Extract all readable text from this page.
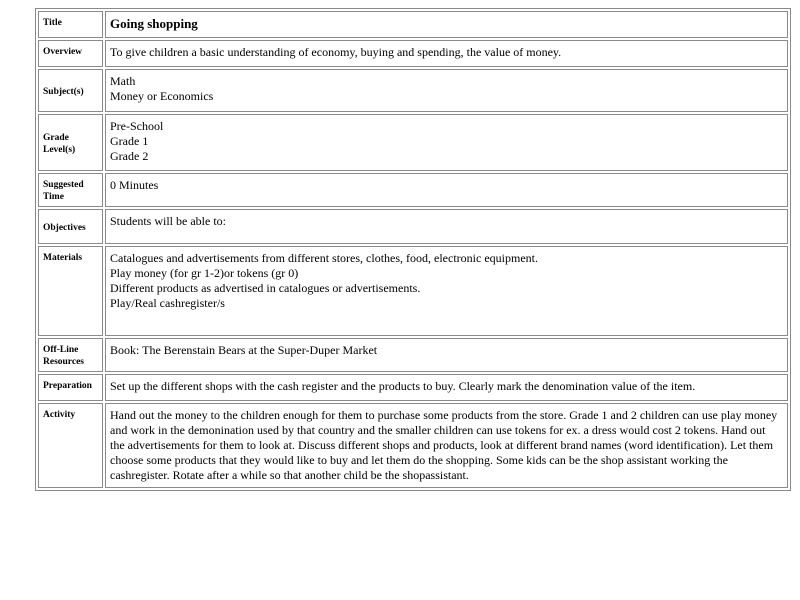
Title	Going shopping
Overview	To give children a basic understanding of economy, buying and spending, the value of money.
Subject(s)	Math
Money or Economics

Grade Level(s)	Pre-School
Grade 1
Grade 2

Suggested Time	0 Minutes
Objectives	Students will be able to:
Materials	Catalogues and advertisements from different stores, clothes, food, electronic equipment.
Play money (for gr 1-2)or tokens (gr 0)
Different products as advertised in catalogues or advertisements.
Play/Real cashregister/s

Off-Line Resources	Book: The Berenstain Bears at the Super-Duper Market
Preparation	Set up the different shops with the cash register and the products to buy. Clearly mark the denomination value of the item.
Activity	Hand out the money to the children enough for them to purchase some products from the store. Grade 1 and 2 children can use play money and work in the demonination used by that country and the smaller children can use tokens for ex. a dress would cost 2 tokens. Hand out the advertisements for them to look at. Discuss different shops and products, look at different brand names (word identification). Let them choose some products that they would like to buy and let them do the shopping. Some kids can be the shop assistant working the cashregister. Rotate after a while so that another child be the shopassistant.
